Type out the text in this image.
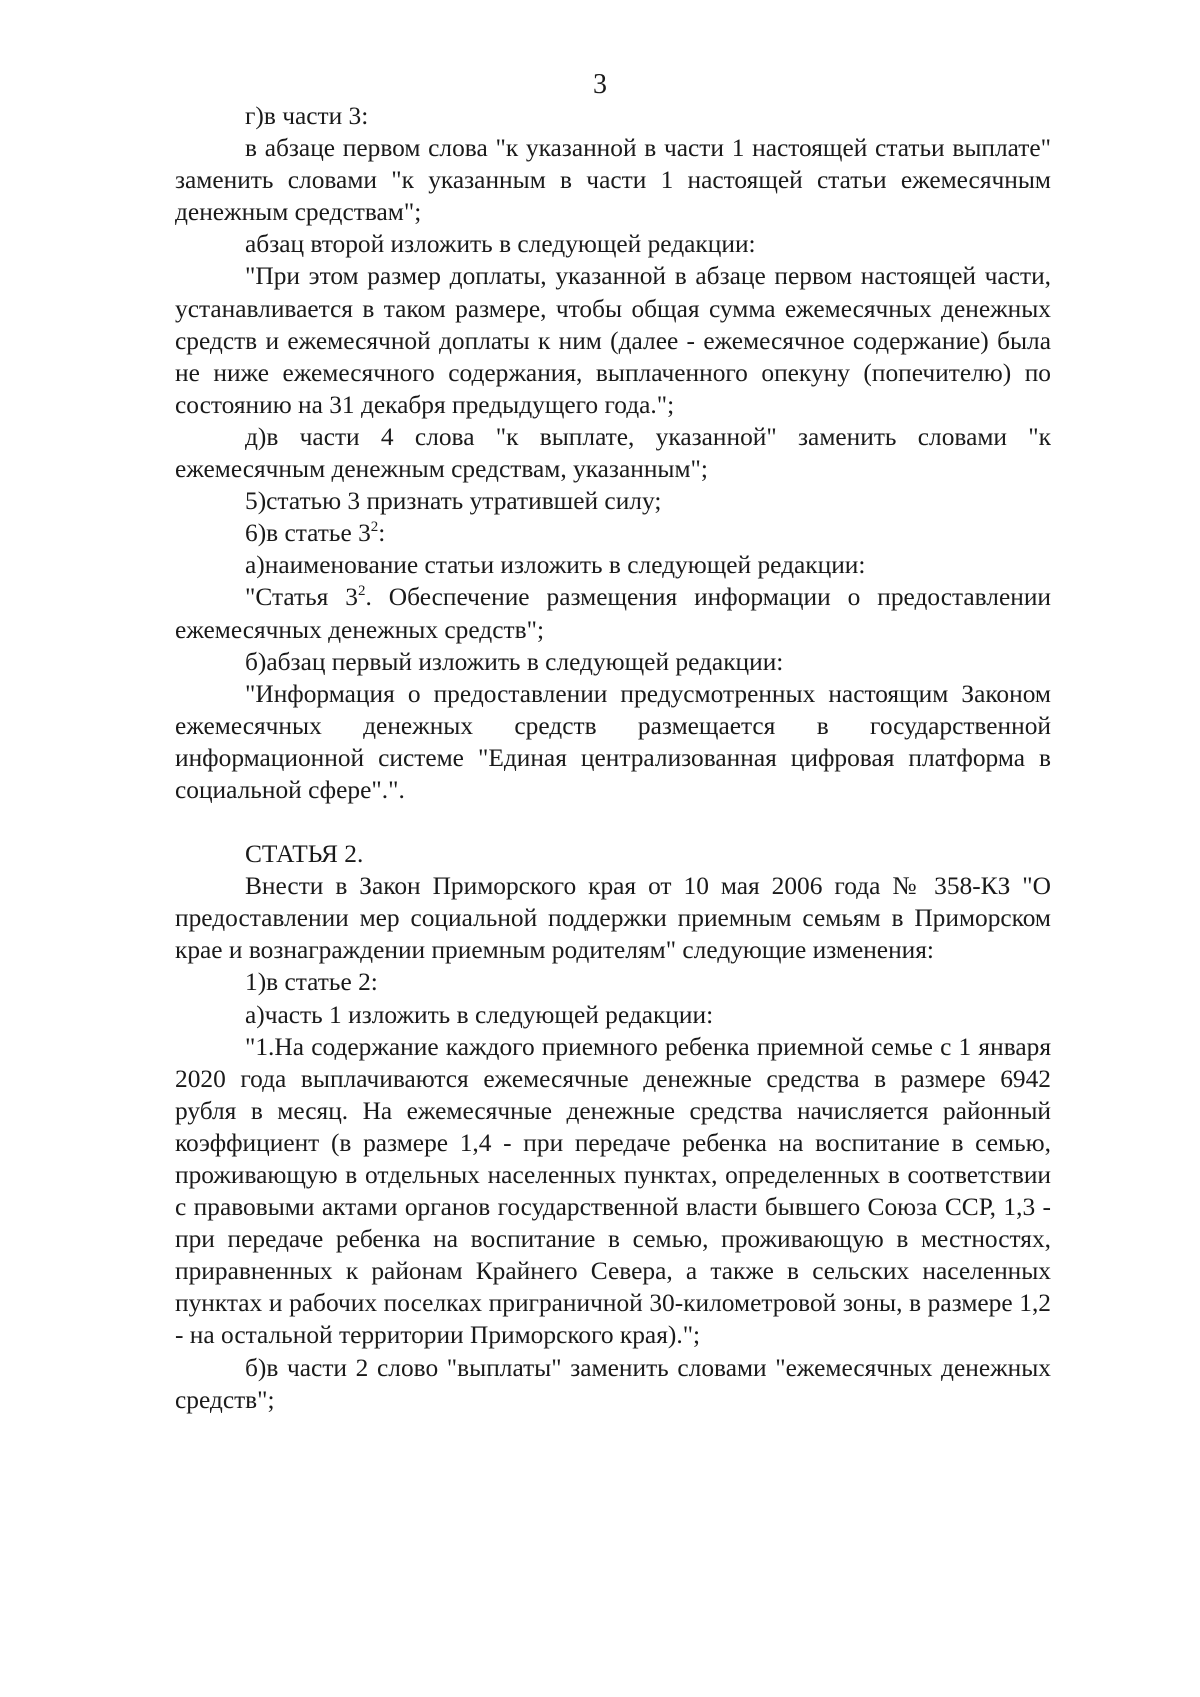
3

г)в части 3:

в абзаце первом слова "к указанной в части 1 настоящей статьи выплате" заменить словами "к указанным в части 1 настоящей статьи ежемесячным денежным средствам";

абзац второй изложить в следующей редакции:

"При этом размер доплаты, указанной в абзаце первом настоящей части, устанавливается в таком размере, чтобы общая сумма ежемесячных денежных средств и ежемесячной доплаты к ним (далее - ежемесячное содержание) была не ниже ежемесячного содержания, выплаченного опекуну (попечителю) по состоянию на 31 декабря предыдущего года.";

д)в части 4 слова "к выплате, указанной" заменить словами "к ежемесячным денежным средствам, указанным";

5)статью 3 признать утратившей силу;

6)в статье $3^2$:

а)наименование статьи изложить в следующей редакции:

"Статья $3^2$. Обеспечение размещения информации о предоставлении ежемесячных денежных средств";

б)абзац первый изложить в следующей редакции:

"Информация о предоставлении предусмотренных настоящим Законом ежемесячных денежных средств размещается в государственной информационной системе "Единая централизованная цифровая платформа в социальной сфере".".

СТАТЬЯ 2.

Внести в Закон Приморского края от 10 мая 2006 года № 358-КЗ "О предоставлении мер социальной поддержки приемным семьям в Приморском крае и вознаграждении приемным родителям" следующие изменения:

1)в статье 2:

а)часть 1 изложить в следующей редакции:

"1.На содержание каждого приемного ребенка приемной семье с 1 января 2020 года выплачиваются ежемесячные денежные средства в размере 6942 рубля в месяц. На ежемесячные денежные средства начисляется районный коэффициент (в размере 1,4 - при передаче ребенка на воспитание в семью, проживающую в отдельных населенных пунктах, определенных в соответствии с правовыми актами органов государственной власти бывшего Союза ССР, 1,3 - при передаче ребенка на воспитание в семью, проживающую в местностях, приравненных к районам Крайнего Севера, а также в сельских населенных пунктах и рабочих поселках приграничной 30-километровой зоны, в размере 1,2 - на остальной территории Приморского края).";

б)в части 2 слово "выплаты" заменить словами "ежемесячных денежных средств";
